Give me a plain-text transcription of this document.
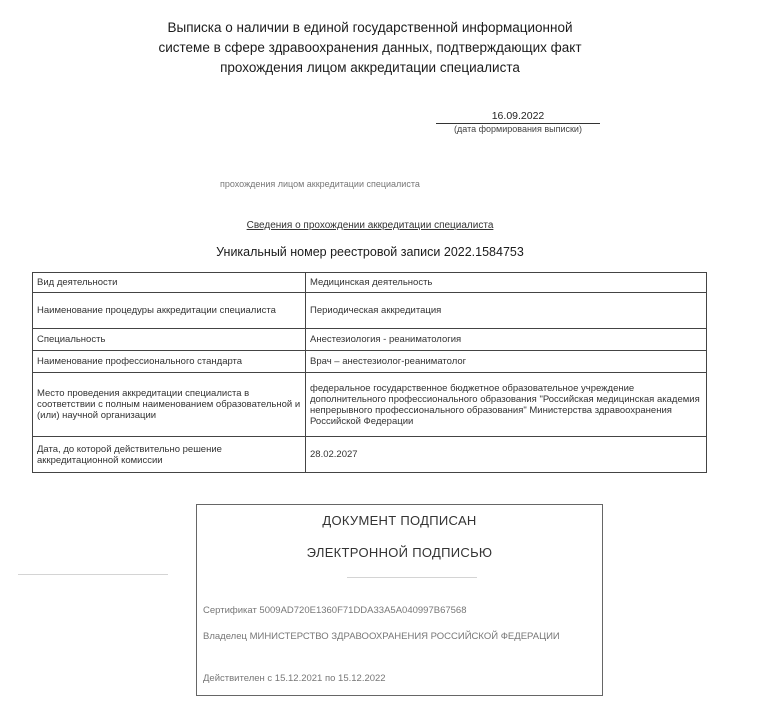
Выписка о наличии в единой государственной информационной
системе в сфере здравоохранения данных, подтверждающих факт
прохождения лицом аккредитации специалиста
16.09.2022
(дата формирования выписки)
прохождения лицом аккредитации специалиста
Сведения о прохождении аккредитации специалиста
Уникальный номер реестровой записи 2022.1584753
Вид деятельности	Медицинская деятельность
Наименование процедуры аккредитации специалиста	Периодическая аккредитация
Специальность	Анестезиология - реаниматология
Наименование профессионального стандарта	Врач – анестезиолог-реаниматолог
Место проведения аккредитации специалиста в соответствии с полным наименованием образовательной и (или) научной организации	федеральное государственное бюджетное образовательное учреждение дополнительного профессионального образования "Российская медицинская академия непрерывного профессионального образования" Министерства здравоохранения Российской Федерации
Дата, до которой действительно решение аккредитационной комиссии	28.02.2027
ДОКУМЕНТ ПОДПИСАН
ЭЛЕКТРОННОЙ ПОДПИСЬЮ
Сертификат 5009AD720E1360F71DDA33A5A040997B67568
Владелец МИНИСТЕРСТВО ЗДРАВООХРАНЕНИЯ РОССИЙСКОЙ ФЕДЕРАЦИИ
Действителен с 15.12.2021 по 15.12.2022
